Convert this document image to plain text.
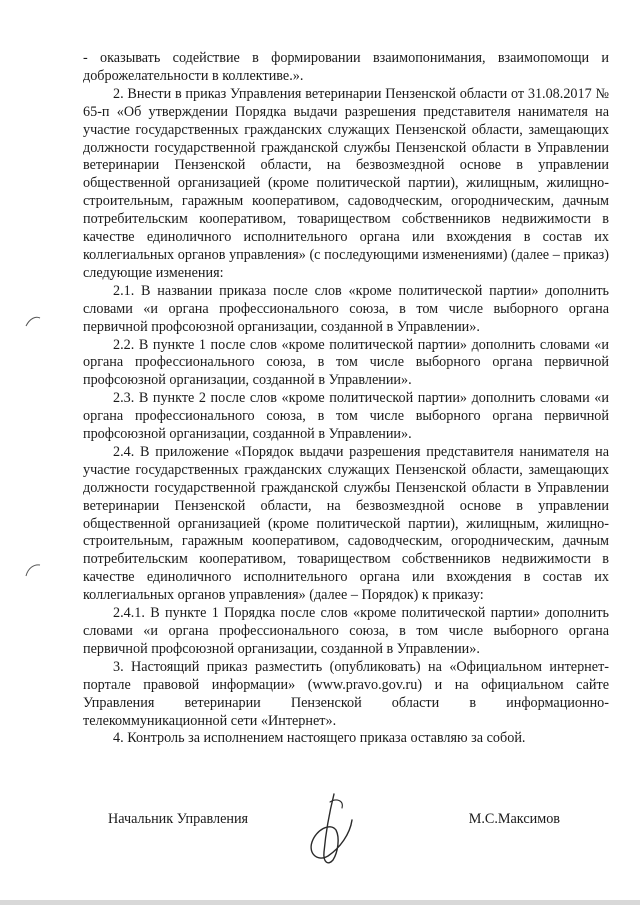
- оказывать содействие в формировании взаимопонимания, взаимопомощи и доброжелательности в коллективе.».

2. Внести в приказ Управления ветеринарии Пензенской области от 31.08.2017 № 65-п «Об утверждении Порядка выдачи разрешения представителя нанимателя на участие государственных гражданских служащих Пензенской области, замещающих должности государственной гражданской службы Пензенской области в Управлении ветеринарии Пензенской области, на безвозмездной основе в управлении общественной организацией (кроме политической партии), жилищным, жилищно-строительным, гаражным кооперативом, садоводческим, огородническим, дачным потребительским кооперативом, товариществом собственников недвижимости в качестве единоличного исполнительного органа или вхождения в состав их коллегиальных органов управления» (с последующими изменениями) (далее – приказ) следующие изменения:

2.1. В названии приказа после слов «кроме политической партии» дополнить словами «и органа профессионального союза, в том числе выборного органа первичной профсоюзной организации, созданной в Управлении».

2.2. В пункте 1 после слов «кроме политической партии» дополнить словами «и органа профессионального союза, в том числе выборного органа первичной профсоюзной организации, созданной в Управлении».

2.3. В пункте 2 после слов «кроме политической партии» дополнить словами «и органа профессионального союза, в том числе выборного органа первичной профсоюзной организации, созданной в Управлении».

2.4. В приложение «Порядок выдачи разрешения представителя нанимателя на участие государственных гражданских служащих Пензенской области, замещающих должности государственной гражданской службы Пензенской области в Управлении ветеринарии Пензенской области, на безвозмездной основе в управлении общественной организацией (кроме политической партии), жилищным, жилищно-строительным, гаражным кооперативом, садоводческим, огородническим, дачным потребительским кооперативом, товариществом собственников недвижимости в качестве единоличного исполнительного органа или вхождения в состав их коллегиальных органов управления» (далее – Порядок) к приказу:

2.4.1. В пункте 1 Порядка после слов «кроме политической партии» дополнить словами «и органа профессионального союза, в том числе выборного органа первичной профсоюзной организации, созданной в Управлении».

3. Настоящий приказ разместить (опубликовать) на «Официальном интернет-портале правовой информации» (www.pravo.gov.ru) и на официальном сайте Управления ветеринарии Пензенской области в информационно-телекоммуникационной сети «Интернет».

4. Контроль за исполнением настоящего приказа оставляю за собой.

Начальник Управления	М.С.Максимов
